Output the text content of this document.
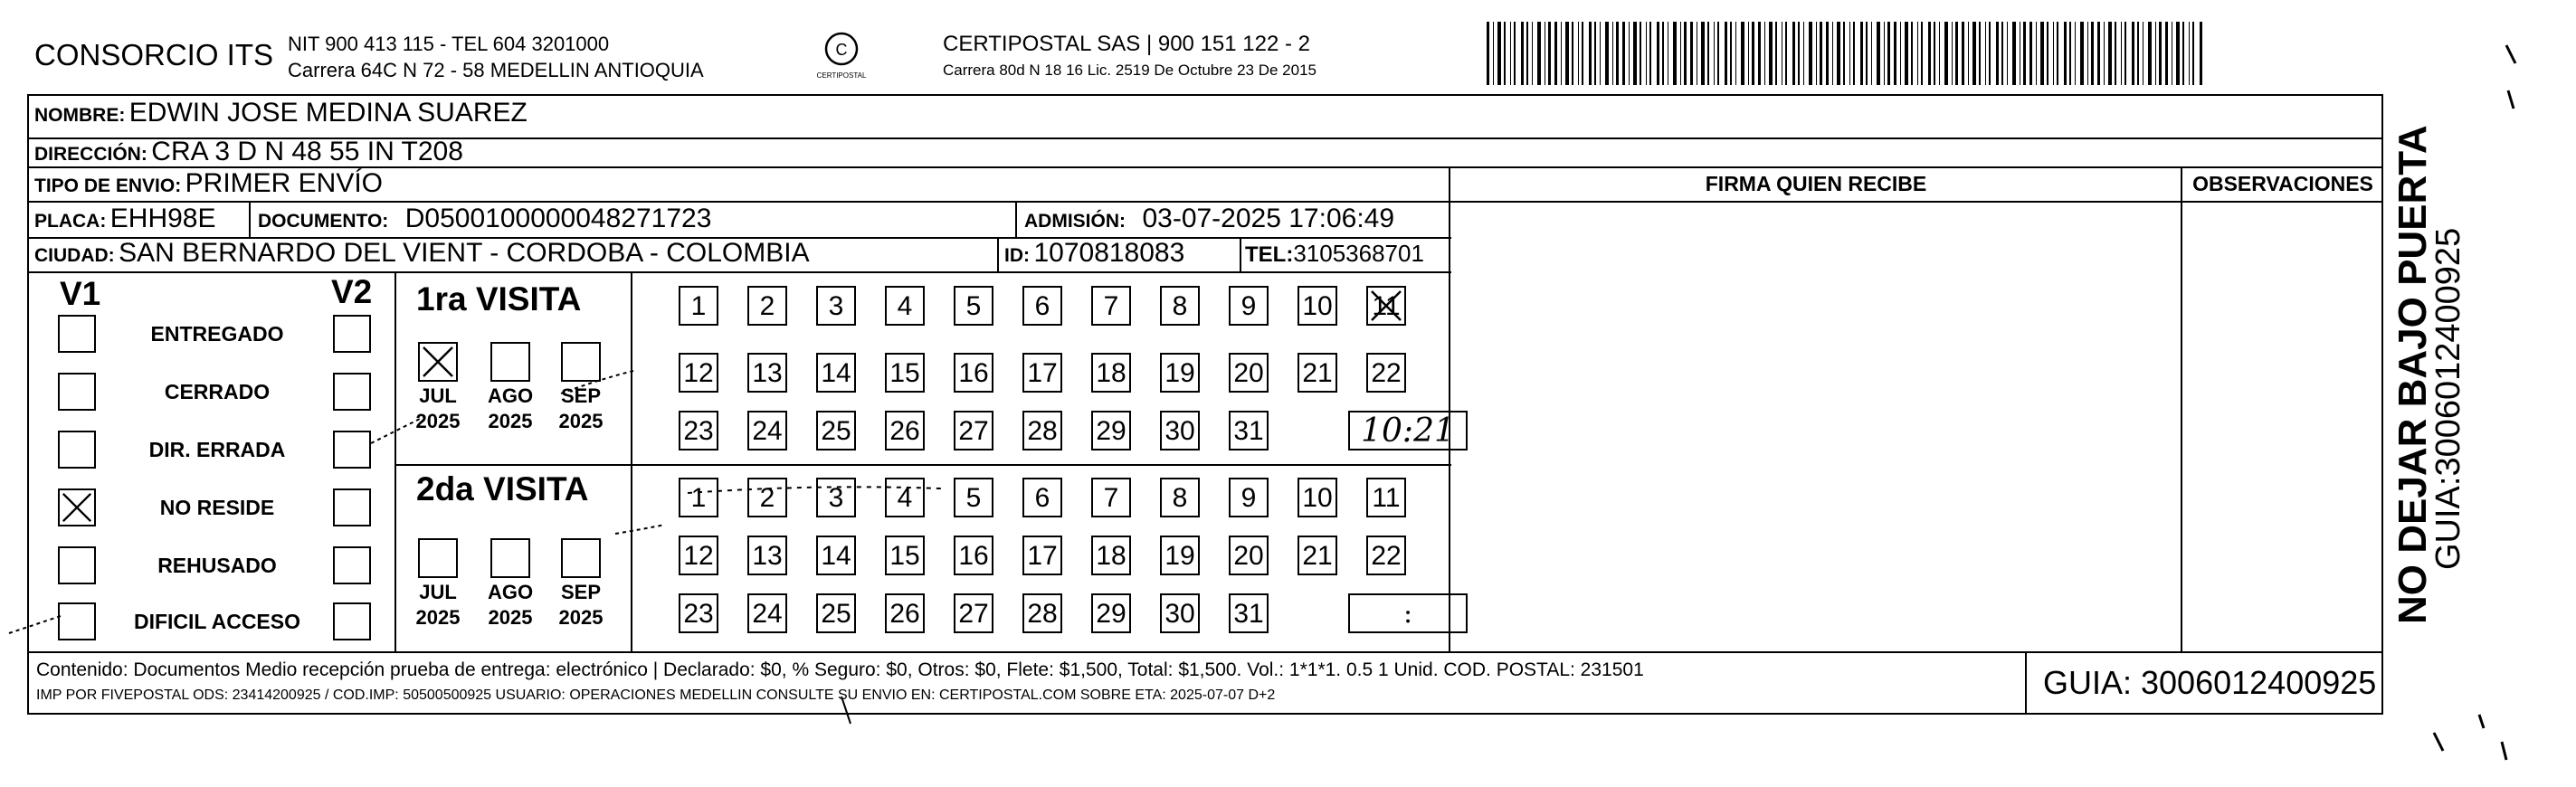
CONSORCIO ITS NIT 900 413 115 - TEL 604 3201000
Carrera 64C N 72 - 58 MEDELLIN ANTIOQUIA
C
CERTIPOSTAL
CERTIPOSTAL SAS | 900 151 122 - 2
Carrera 80d N 18 16 Lic. 2519 De Octubre 23 De 2015
NOMBRE: EDWIN JOSE MEDINA SUAREZ
DIRECCIÓN: CRA 3 D N 48 55 IN T208
TIPO DE ENVIO: PRIMER ENVÍO
PLACA: EHH98E DOCUMENTO: D0500100000048271723	ADMISIÓN: 03-07-2025 17:06:49
CIUDAD: SAN BERNARDO DEL VIENT - CORDOBA - COLOMBIA	ID: 1070818083	TEL:3105368701
FIRMA QUIEN RECIBE	OBSERVACIONES
V1	V2
ENTREGADO
CERRADO
DIR. ERRADA
NO RESIDE
REHUSADO
DIFICIL ACCESO
1ra VISITA
JUL
2025
AGO
2025
SEP
2025
1	2	3	4	5	6	7	8	9	10 11
12 13 14 15 16 17 18 19 20 21 22
23 24 25 26 27 28 29 30 31	10:21
2da VISITA
JUL
2025
AGO
2025
SEP
2025
1	2	3	4	5	6	7	8	9	10 11
12 13 14 15 16 17 18 19 20 21 22
23 24 25 26 27 28 29 30 31	:
Contenido: Documentos Medio recepción prueba de entrega: electrónico | Declarado: $0, % Seguro: $0, Otros: $0, Flete: $1,500, Total: $1,500. Vol.: 1*1*1. 0.5 1 Unid. COD. POSTAL: 231501
IMP POR FIVEPOSTAL ODS: 23414200925 / COD.IMP: 50500500925 USUARIO: OPERACIONES MEDELLIN CONSULTE SU ENVIO EN: CERTIPOSTAL.COM SOBRE ETA: 2025-07-07 D+2	GUIA: 3006012400925
NO DEJAR BAJO PUERTA
GUIA:3006012400925
